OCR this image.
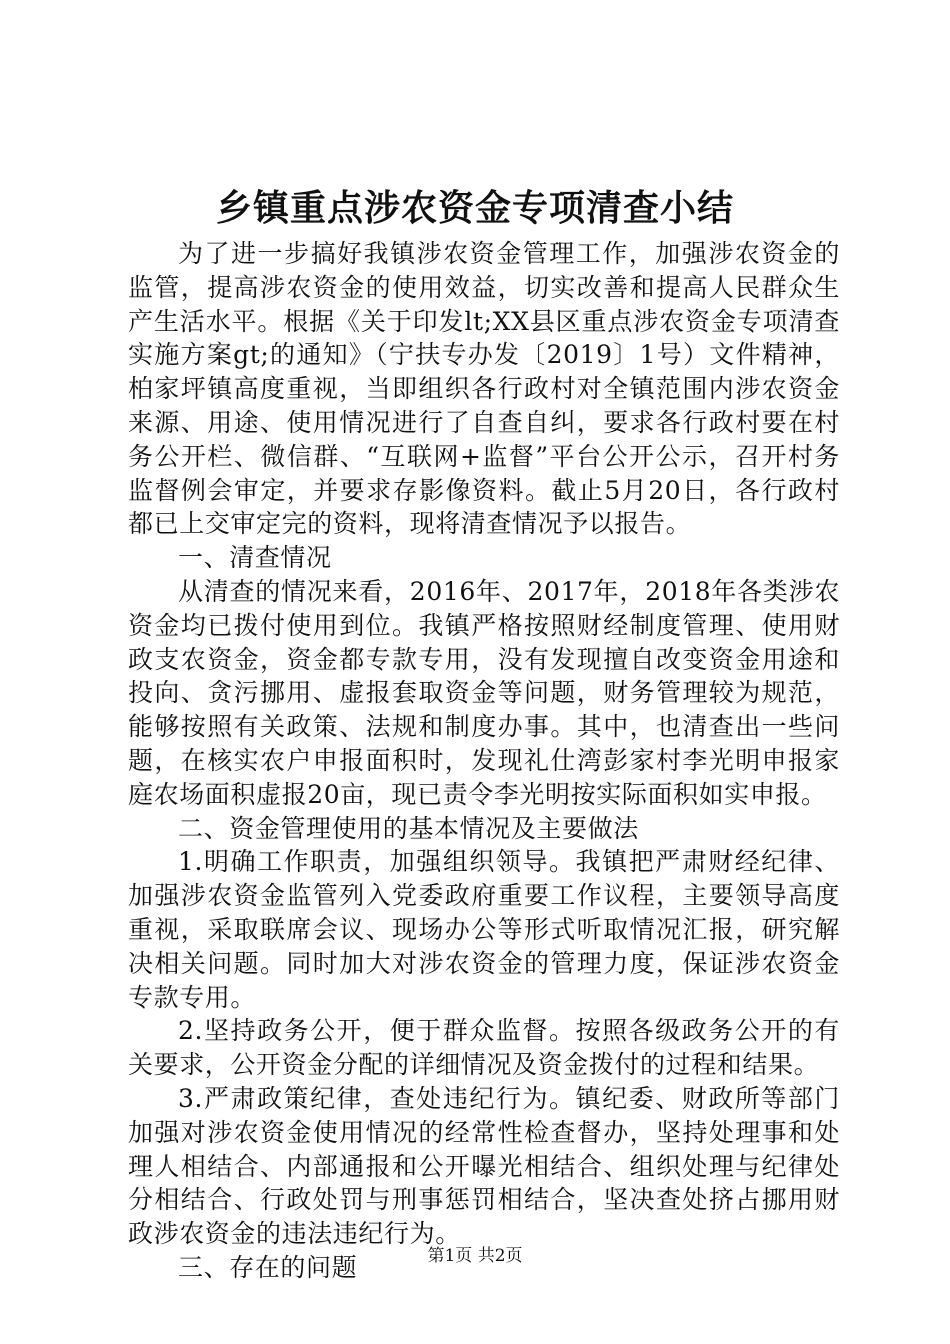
乡镇重点涉农资金专项清查小结

为了进一步搞好我镇涉农资金管理工作，加强涉农资金的监管，提高涉农资金的使用效益，切实改善和提高人民群众生产生活水平。根据《关于印发lt;XX县区重点涉农资金专项清查实施方案gt;的通知》（宁扶专办发〔2019〕1号）文件精神，柏家坪镇高度重视，当即组织各行政村对全镇范围内涉农资金来源、用途、使用情况进行了自查自纠，要求各行政村要在村务公开栏、微信群、“互联网+监督”平台公开公示，召开村务监督例会审定，并要求存影像资料。截止5月20日，各行政村都已上交审定完的资料，现将清查情况予以报告。

一、清查情况

从清查的情况来看，2016年、2017年，2018年各类涉农资金均已拨付使用到位。我镇严格按照财经制度管理、使用财政支农资金，资金都专款专用，没有发现擅自改变资金用途和投向、贪污挪用、虚报套取资金等问题，财务管理较为规范，能够按照有关政策、法规和制度办事。其中，也清查出一些问题，在核实农户申报面积时，发现礼仕湾彭家村李光明申报家庭农场面积虚报20亩，现已责令李光明按实际面积如实申报。

二、资金管理使用的基本情况及主要做法

1.明确工作职责，加强组织领导。我镇把严肃财经纪律、加强涉农资金监管列入党委政府重要工作议程，主要领导高度重视，采取联席会议、现场办公等形式听取情况汇报，研究解决相关问题。同时加大对涉农资金的管理力度，保证涉农资金专款专用。

2.坚持政务公开，便于群众监督。按照各级政务公开的有关要求，公开资金分配的详细情况及资金拨付的过程和结果。

3.严肃政策纪律，查处违纪行为。镇纪委、财政所等部门加强对涉农资金使用情况的经常性检查督办，坚持处理事和处理人相结合、内部通报和公开曝光相结合、组织处理与纪律处分相结合、行政处罚与刑事惩罚相结合，坚决查处挤占挪用财政涉农资金的违法违纪行为。

三、存在的问题	第1页 共2页
